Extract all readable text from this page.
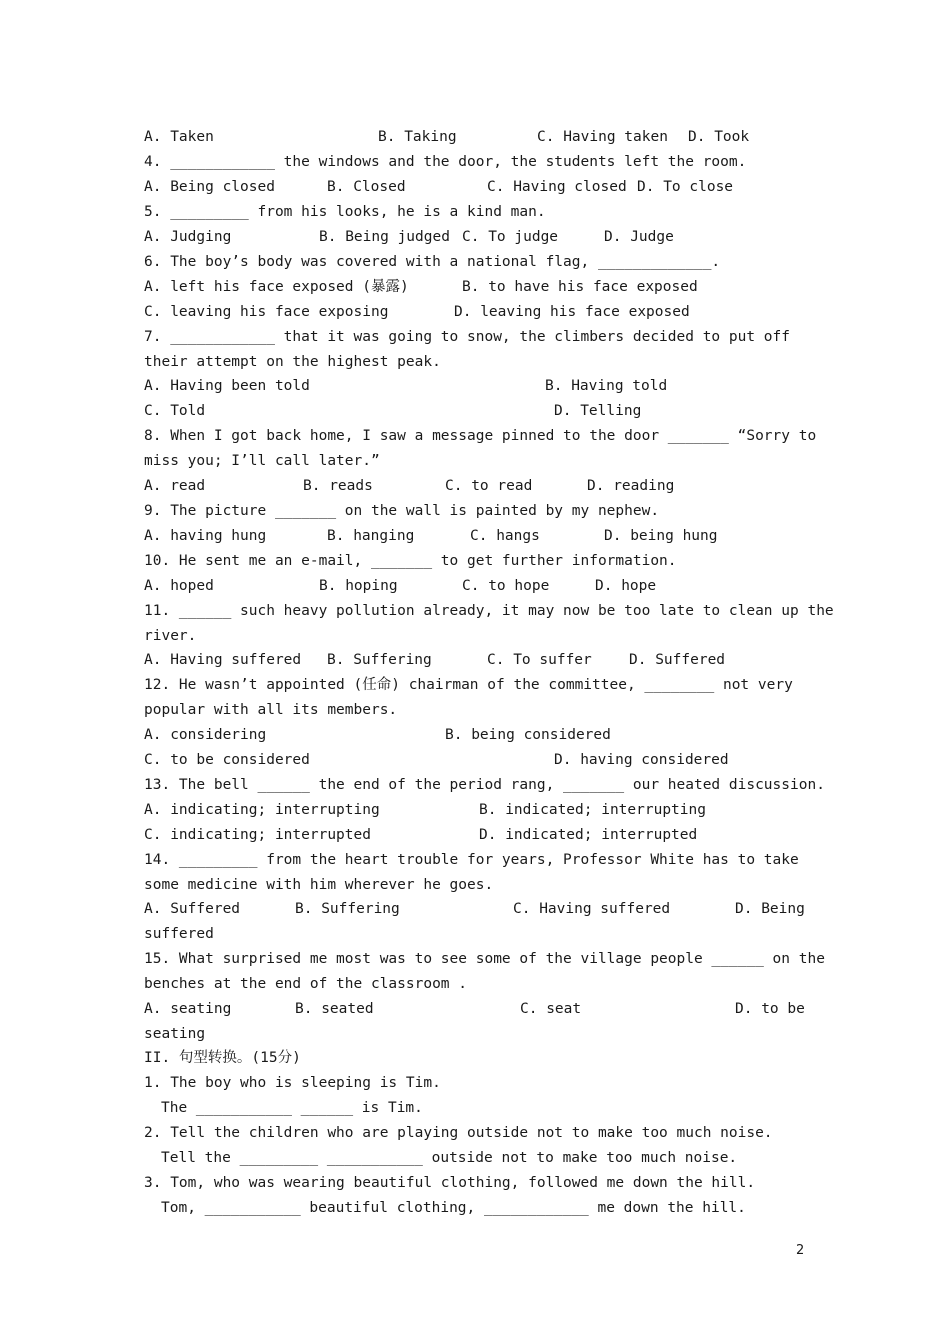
A. Taken	B. Taking	C. Having taken D. Took
4. ____________ the windows and the door, the students left the room.
A. Being closed	B. Closed	C. Having closed D. To close
5. _________ from his looks, he is a kind man.
A. Judging	B. Being judged C. To judge	D. Judge
6. The boy’s body was covered with a national flag, _____________.
A. left his face exposed (暴露)	B. to have his face exposed
C. leaving his face exposing	D. leaving his face exposed
7. ____________ that it was going to snow, the climbers decided to put off
their attempt on the highest peak.
A. Having been told	B. Having told
C. Told	D. Telling
8. When I got back home, I saw a message pinned to the door _______ “Sorry to
miss you; I’ll call later.”
A. read	B. reads	C. to read	D. reading
9. The picture _______ on the wall is painted by my nephew.
A. having hung	B. hanging	C. hangs	D. being hung
10. He sent me an e-mail, _______ to get further information.
A. hoped	B. hoping	C. to hope	D. hope
11. ______ such heavy pollution already, it may now be too late to clean up the
river.
A. Having suffered B. Suffering	C. To suffer	D. Suffered
12. He wasn’t appointed (任命) chairman of the committee, ________ not very
popular with all its members.
A. considering	B. being considered
C. to be considered	D. having considered
13. The bell ______ the end of the period rang, _______ our heated discussion.
A. indicating; interrupting	B. indicated; interrupting
C. indicating; interrupted	D. indicated; interrupted
14. _________ from the heart trouble for years, Professor White has to take
some medicine with him wherever he goes.
A. Suffered	B. Suffering	C. Having suffered	D. Being
suffered
15. What surprised me most was to see some of the village people ______ on the
benches at the end of the classroom .
A. seating	B. seated	C. seat	D. to be
seating
II. 句型转换。(15分)
1. The boy who is sleeping is Tim.
The ___________ ______ is Tim.
2. Tell the children who are playing outside not to make too much noise.
Tell the _________ ___________ outside not to make too much noise.
3. Tom, who was wearing beautiful clothing, followed me down the hill.
Tom, ___________ beautiful clothing, ____________ me down the hill.
2
